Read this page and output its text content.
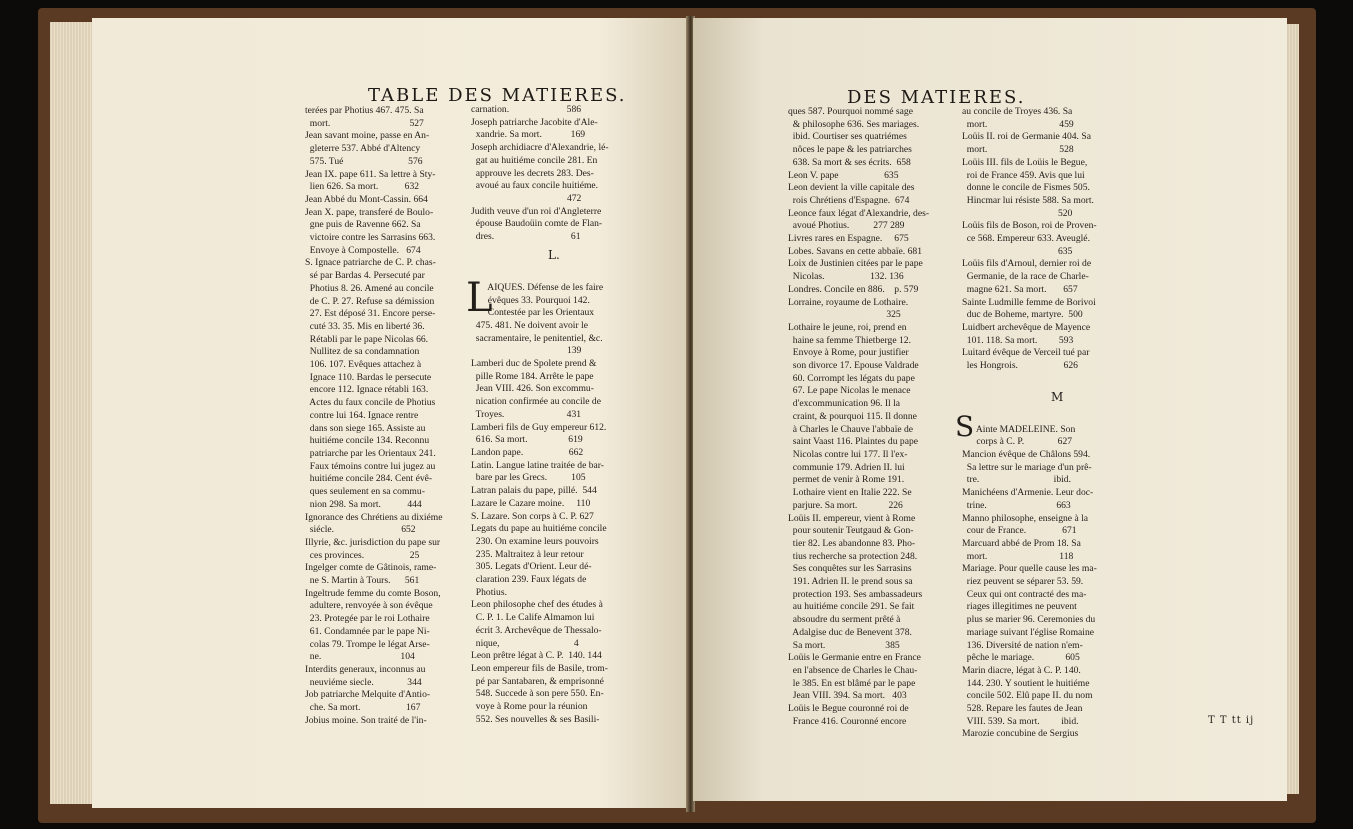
TABLE DES MATIERES.
terées par Photius 467. 475. Sa
mort.                                 527
Jean savant moine, passe en An-
gleterre 537. Abbé d'Altency
575. Tué                           576
Jean IX. pape 611. Sa lettre à Sty-
lien 626. Sa mort.           632
Jean Abbé du Mont-Cassin. 664
Jean X. pape, transferé de Boulo-
gne puis de Ravenne 662. Sa
victoire contre les Sarrasins 663.
Envoye à Compostelle.   674
S. Ignace patriarche de C. P. chas-
sé par Bardas 4. Persecuté par
Photius 8. 26. Amené au concile
de C. P. 27. Refuse sa démission
27. Est déposé 31. Encore perse-
cuté 33. 35. Mis en liberté 36.
Rétabli par le pape Nicolas 66.
Nullitez de sa condamnation
106. 107. Evêques attachez à
Ignace 110. Bardas le persecute
encore 112. Ignace rétabli 163.
Actes du faux concile de Photius
contre lui 164. Ignace rentre
dans son siege 165. Assiste au
huitiéme concile 134. Reconnu
patriarche par les Orientaux 241.
Faux témoins contre lui jugez au
huitiéme concile 284. Cent évê-
ques seulement en sa commu-
nion 298. Sa mort.           444
Ignorance des Chrétiens au dixiéme
siécle.                            652
Illyrie, &c. jurisdiction du pape sur
ces provinces.                   25
Ingelger comte de Gâtinois, rame-
ne S. Martin à Tours.      561
Ingeltrude femme du comte Boson,
adultere, renvoyée à son évêque
23. Protegée par le roi Lothaire
61. Condamnée par le pape Ni-
colas 79. Trompe le légat Arse-
ne.                                 104
Interdits generaux, inconnus au
neuviéme siecle.              344
Job patriarche Melquite d'Antio-
che. Sa mort.                   167
Jobius moine. Son traité de l'in-
carnation.                        586
Joseph patriarche Jacobite d'Ale-
xandrie. Sa mort.            169
Joseph archidiacre d'Alexandrie, lé-
gat au huitiéme concile 281. En
approuve les decrets 283. Des-
avoué au faux concile huitiéme.
472
Judith veuve d'un roi d'Angleterre
épouse Baudoüin comte de Flan-
dres.                                61

AIQUES. Défense de les faire
évêques 33. Pourquoi 142.
Contestée par les Orientaux
475. 481. Ne doivent avoir le
sacramentaire, le penitentiel, &c.
139
Lamberi duc de Spolete prend &
pille Rome 184. Arrête le pape
Jean VIII. 426. Son excommu-
nication confirmée au concile de
Troyes.                          431
Lamberi fils de Guy empereur 612.
616. Sa mort.                 619
Landon pape.                   662
Latin. Langue latine traitée de bar-
bare par les Grecs.          105
Latran palais du pape, pillé.  544
Lazare le Cazare moine.     110
S. Lazare. Son corps à C. P. 627
Legats du pape au huitiéme concile
230. On examine leurs pouvoirs
235. Maltraitez à leur retour
305. Legats d'Orient. Leur dé-
claration 239. Faux légats de
Photius.
Leon philosophe chef des études à
C. P. 1. Le Calife Almamon lui
écrit 3. Archevêque de Thessalo-
nique,                               4
Leon prêtre légat à C. P.  140. 144
Leon empereur fils de Basile, trom-
pé par Santabaren, & emprisonné
548. Succede à son pere 550. En-
voye à Rome pour la réunion
552. Ses nouvelles & ses Basili-
L.
L
DES MATIERES.
ques 587. Pourquoi nommé sage
& philosophe 636. Ses mariages.
ibid. Courtiser ses quatriémes
nôces le pape & les patriarches
638. Sa mort & ses écrits.  658
Leon V. pape                   635
Leon devient la ville capitale des
rois Chrétiens d'Espagne.  674
Leonce faux légat d'Alexandrie, des-
avoué Photius.          277 289
Livres rares en Espagne.     675
Lobes. Savans en cette abbaïe. 681
Loix de Justinien citées par le pape
Nicolas.                   132. 136
Londres. Concile en 886.    p. 579
Lorraine, royaume de Lothaire.
325
Lothaire le jeune, roi, prend en
haine sa femme Thietberge 12.
Envoye à Rome, pour justifier
son divorce 17. Epouse Valdrade
60. Corrompt les légats du pape
67. Le pape Nicolas le menace
d'excommunication 96. Il la
craint, & pourquoi 115. Il donne
à Charles le Chauve l'abbaïe de
saint Vaast 116. Plaintes du pape
Nicolas contre lui 177. Il l'ex-
communie 179. Adrien II. lui
permet de venir à Rome 191.
Lothaire vient en Italie 222. Se
parjure. Sa mort.             226
Loüis II. empereur, vient à Rome
pour soutenir Teutgaud & Gon-
tier 82. Les abandonne 83. Pho-
tius recherche sa protection 248.
Ses conquêtes sur les Sarrasins
191. Adrien II. le prend sous sa
protection 193. Ses ambassadeurs
au huitiéme concile 291. Se fait
absoudre du serment prêté à
Adalgise duc de Benevent 378.
Sa mort.                         385
Loüis le Germanie entre en France
en l'absence de Charles le Chau-
le 385. En est blâmé par le pape
Jean VIII. 394. Sa mort.   403
Loüis le Begue couronné roi de
France 416. Couronné encore
au concile de Troyes 436. Sa
mort.                              459
Loüis II. roi de Germanie 404. Sa
mort.                              528
Loüis III. fils de Loüis le Begue,
roi de France 459. Avis que lui
donne le concile de Fismes 505.
Hincmar lui résiste 588. Sa mort.
520
Loüis fils de Boson, roi de Proven-
ce 568. Empereur 633. Aveuglé.
635
Loüis fils d'Arnoul, dernier roi de
Germanie, de la race de Charle-
magne 621. Sa mort.       657
Sainte Ludmille femme de Borivoi
duc de Boheme, martyre.  500
Luidbert archevêque de Mayence
101. 118. Sa mort.         593
Luitard évêque de Verceil tué par
les Hongrois.                   626

Ainte MADELEINE. Son
corps à C. P.              627
Mancion évêque de Châlons 594.
Sa lettre sur le mariage d'un prê-
tre.                               ibid.
Manichéens d'Armenie. Leur doc-
trine.                             663
Manno philosophe, enseigne à la
cour de France.               671
Marcuard abbé de Prom 18. Sa
mort.                              118
Mariage. Pour quelle cause les ma-
riez peuvent se séparer 53. 59.
Ceux qui ont contracté des ma-
riages illegitimes ne peuvent
plus se marier 96. Ceremonies du
mariage suivant l'église Romaine
136. Diversité de nation n'em-
pêche le mariage.             605
Marin diacre, légat à C. P. 140.
144. 230. Y soutient le huitiéme
concile 502. Elû pape II. du nom
528. Repare les fautes de Jean
VIII. 539. Sa mort.         ibid.
Marozie concubine de Sergius
M
S
T T tt ij
